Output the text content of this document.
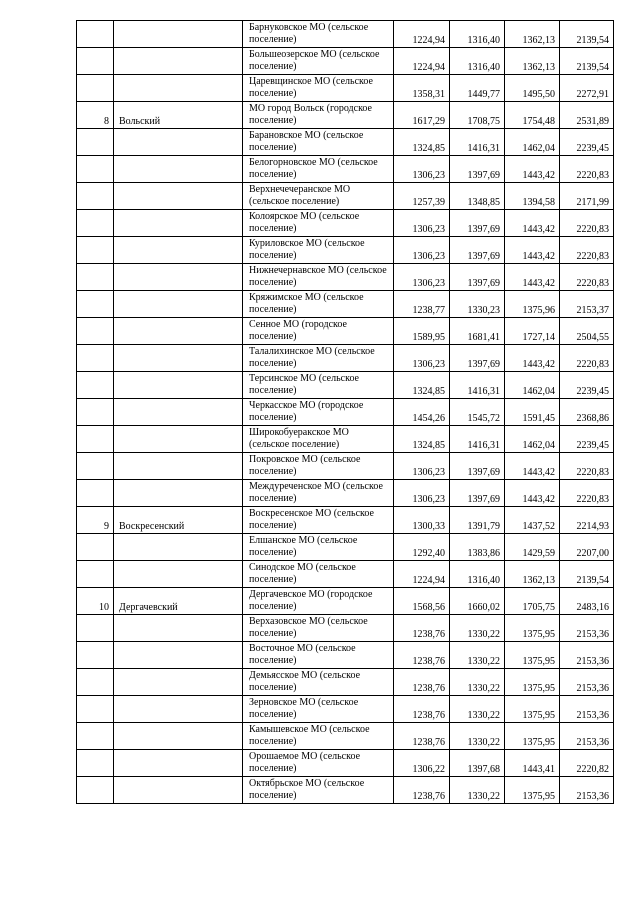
		Барнуковское МО (сельское поселение)	1224,94	1316,40	1362,13	2139,54
		Большеозерское МО (сельское поселение)	1224,94	1316,40	1362,13	2139,54
		Царевщинское МО (сельское поселение)	1358,31	1449,77	1495,50	2272,91
8	Вольский	МО город Вольск (городское поселение)	1617,29	1708,75	1754,48	2531,89
		Барановское МО (сельское поселение)	1324,85	1416,31	1462,04	2239,45
		Белогорновское МО (сельское поселение)	1306,23	1397,69	1443,42	2220,83
		Верхнечечеранское МО (сельское поселение)	1257,39	1348,85	1394,58	2171,99
		Колоярское МО (сельское поселение)	1306,23	1397,69	1443,42	2220,83
		Куриловское МО (сельское поселение)	1306,23	1397,69	1443,42	2220,83
		Нижнечернавское МО (сельское поселение)	1306,23	1397,69	1443,42	2220,83
		Кряжимское МО (сельское поселение)	1238,77	1330,23	1375,96	2153,37
		Сенное МО (городское поселение)	1589,95	1681,41	1727,14	2504,55
		Талалихинское МО (сельское поселение)	1306,23	1397,69	1443,42	2220,83
		Терсинское МО (сельское поселение)	1324,85	1416,31	1462,04	2239,45
		Черкасское МО (городское поселение)	1454,26	1545,72	1591,45	2368,86
		Широкобуеракское МО (сельское поселение)	1324,85	1416,31	1462,04	2239,45
		Покровское МО (сельское поселение)	1306,23	1397,69	1443,42	2220,83
		Междуреченское МО (сельское поселение)	1306,23	1397,69	1443,42	2220,83
9	Воскресенский	Воскресенское МО (сельское поселение)	1300,33	1391,79	1437,52	2214,93
		Елшанское МО (сельское поселение)	1292,40	1383,86	1429,59	2207,00
		Синодское МО (сельское поселение)	1224,94	1316,40	1362,13	2139,54
10	Дергачевский	Дергачевское МО (городское поселение)	1568,56	1660,02	1705,75	2483,16
		Верхазовское МО (сельское поселение)	1238,76	1330,22	1375,95	2153,36
		Восточное МО (сельское поселение)	1238,76	1330,22	1375,95	2153,36
		Демьясское МО (сельское поселение)	1238,76	1330,22	1375,95	2153,36
		Зерновское МО (сельское поселение)	1238,76	1330,22	1375,95	2153,36
		Камышевское МО (сельское поселение)	1238,76	1330,22	1375,95	2153,36
		Орошаемое МО (сельское поселение)	1306,22	1397,68	1443,41	2220,82
		Октябрьское МО (сельское поселение)	1238,76	1330,22	1375,95	2153,36
